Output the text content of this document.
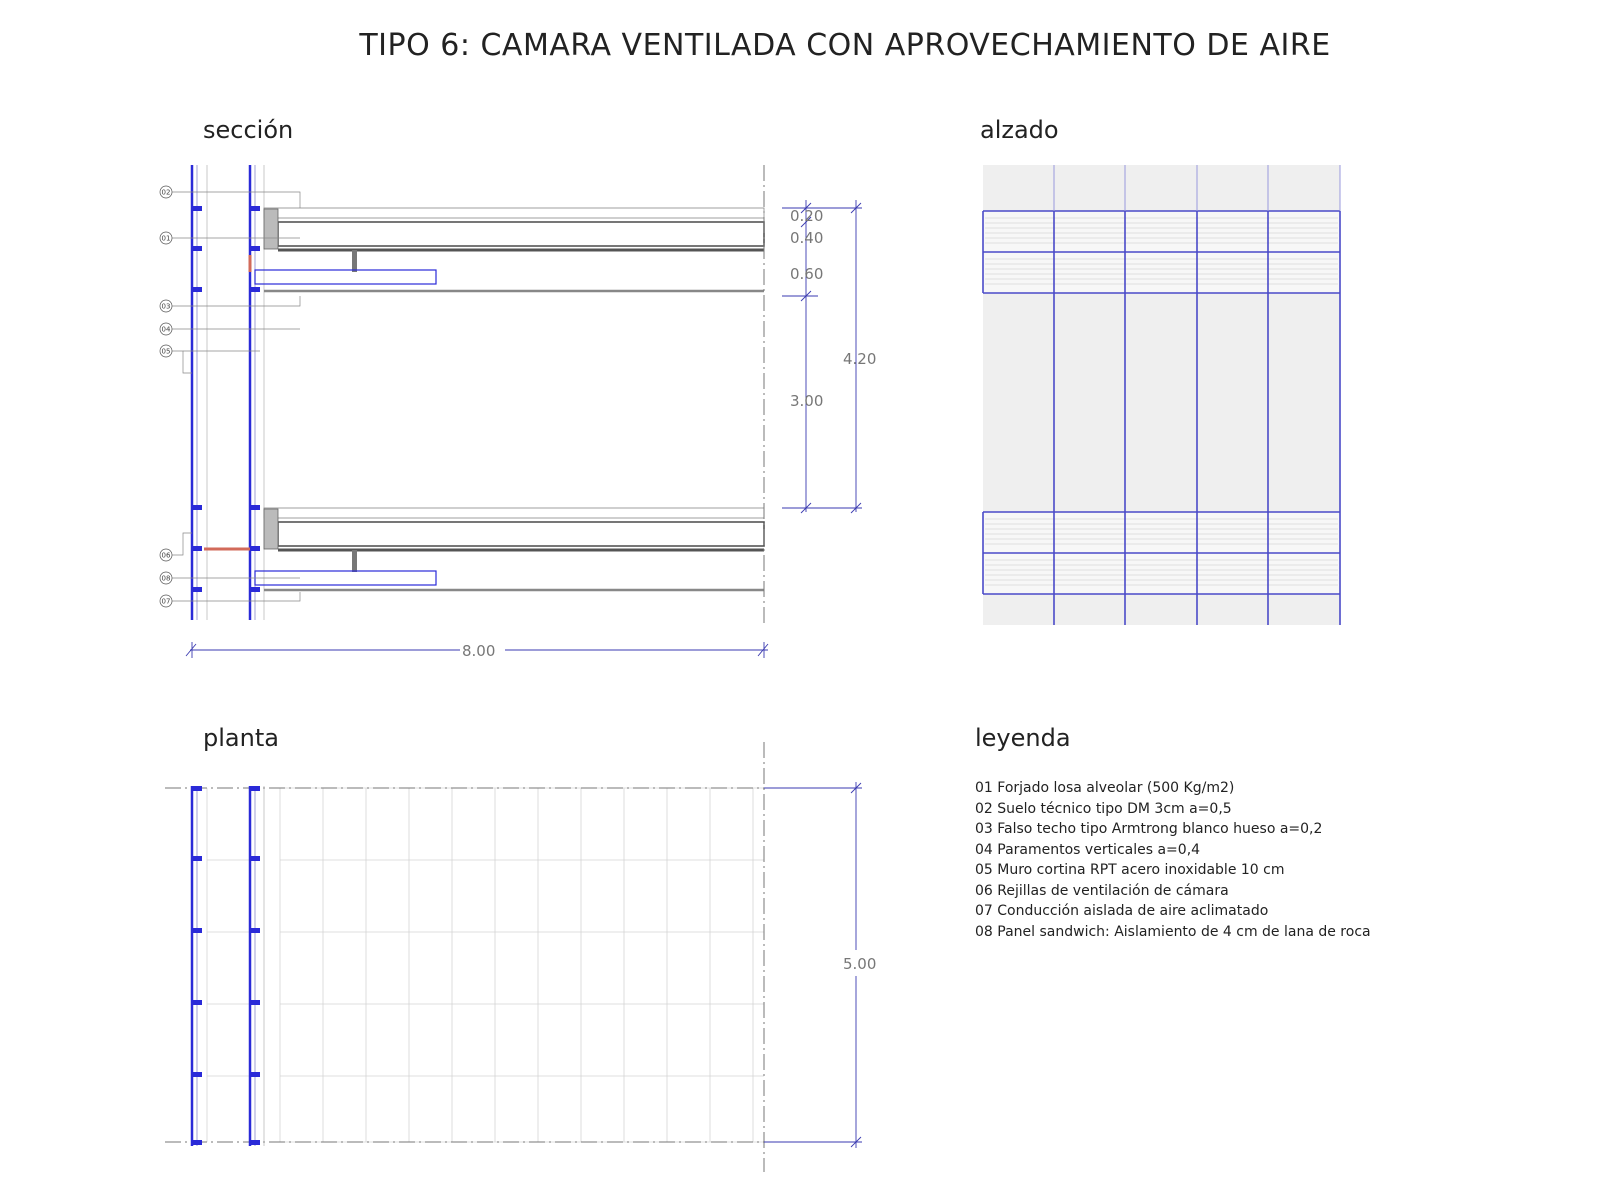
TIPO 6: CAMARA VENTILADA CON APROVECHAMIENTO DE AIRE
sección	alzado
planta	leyenda
02
01
03
04
05
06
08
07
0.20
0.40
0.60
3.00
4.20
8.00
5.00
01 Forjado losa alveolar (500 Kg/m2)
02 Suelo técnico tipo DM 3cm a=0,5
03 Falso techo tipo Armtrong blanco hueso a=0,2
04 Paramentos verticales a=0,4
05 Muro cortina RPT acero inoxidable 10 cm
06 Rejillas de ventilación de cámara
07 Conducción aislada de aire aclimatado
08 Panel sandwich: Aislamiento de 4 cm de lana de roca
